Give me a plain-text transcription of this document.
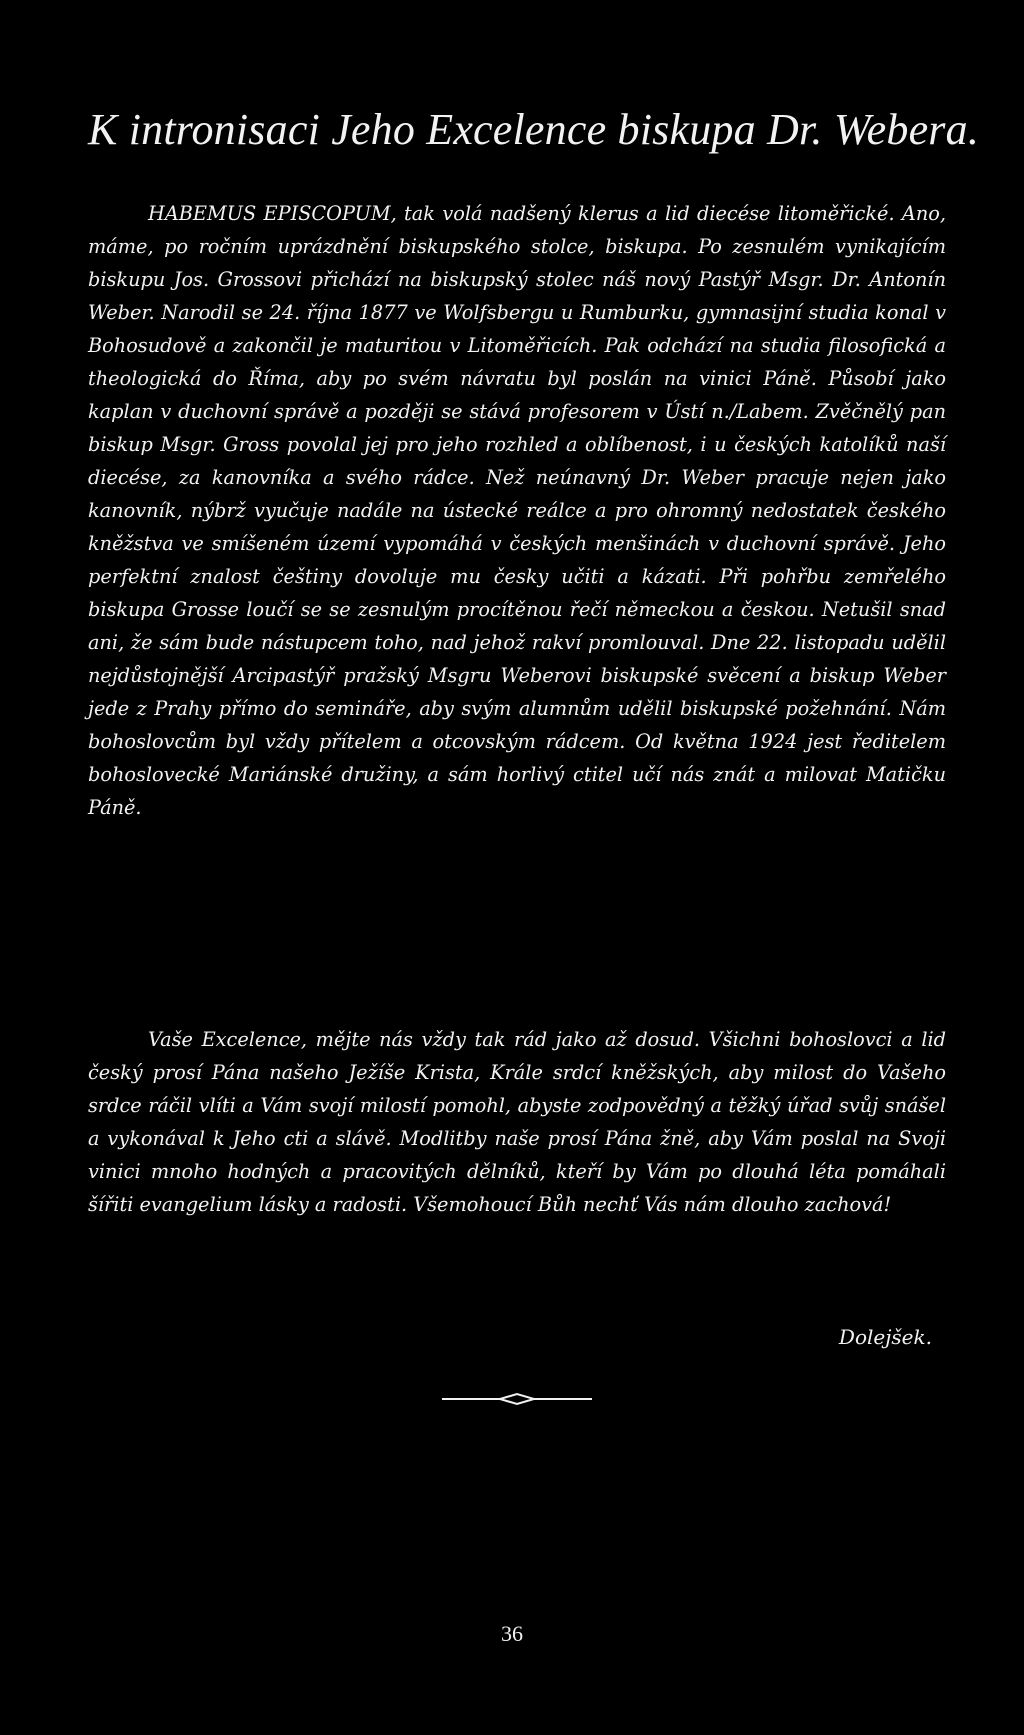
K intronisaci Jeho Excelence biskupa Dr. Webera.

HABEMUS EPISCOPUM, tak volá nadšený klerus a lid diecése litoměřické. Ano, máme, po ročním uprázdnění biskupského stolce, biskupa. Po zesnulém vynikajícím biskupu Jos. Grossovi přichází na biskupský stolec náš nový Pastýř Msgr. Dr. Antonín Weber. Narodil se 24. října 1877 ve Wolfsbergu u Rumburku, gymnasijní studia konal v Bohosudově a zakončil je maturitou v Litoměřicích. Pak odchází na studia filosofická a theologická do Říma, aby po svém návratu byl poslán na vinici Páně. Působí jako kaplan v duchovní správě a později se stává profesorem v Ústí n./Labem. Zvěčnělý pan biskup Msgr. Gross povolal jej pro jeho rozhled a oblíbenost, i u českých katolíků naší diecése, za kanovníka a svého rádce. Než neúnavný Dr. Weber pracuje nejen jako kanovník, nýbrž vyučuje nadále na ústecké reálce a pro ohromný nedostatek českého kněžstva ve smíšeném území vypomáhá v českých menšinách v duchovní správě. Jeho perfektní znalost češtiny dovoluje mu česky učiti a kázati. Při pohřbu zemřelého biskupa Grosse loučí se se zesnulým procítěnou řečí německou a českou. Netušil snad ani, že sám bude nástupcem toho, nad jehož rakví promlouval. Dne 22. listopadu udělil nejdůstojnější Arcipastýř pražský Msgru Weberovi biskupské svěcení a biskup Weber jede z Prahy přímo do semináře, aby svým alumnům udělil biskupské požehnání. Nám bohoslovcům byl vždy přítelem a otcovským rádcem. Od května 1924 jest ředitelem bohoslovecké Mariánské družiny, a sám horlivý ctitel učí nás znát a milovat Matičku Páně.

Vaše Excelence, mějte nás vždy tak rád jako až dosud. Všichni bohoslovci a lid český prosí Pána našeho Ježíše Krista, Krále srdcí kněžských, aby milost do Vašeho srdce ráčil vlíti a Vám svojí milostí pomohl, abyste zodpovědný a těžký úřad svůj snášel a vykonával k Jeho cti a slávě. Modlitby naše prosí Pána žně, aby Vám poslal na Svoji vinici mnoho hodných a pracovitých dělníků, kteří by Vám po dlouhá léta pomáhali šířiti evangelium lásky a radosti. Všemohoucí Bůh nechť Vás nám dlouho zachová!

Dolejšek.

36
